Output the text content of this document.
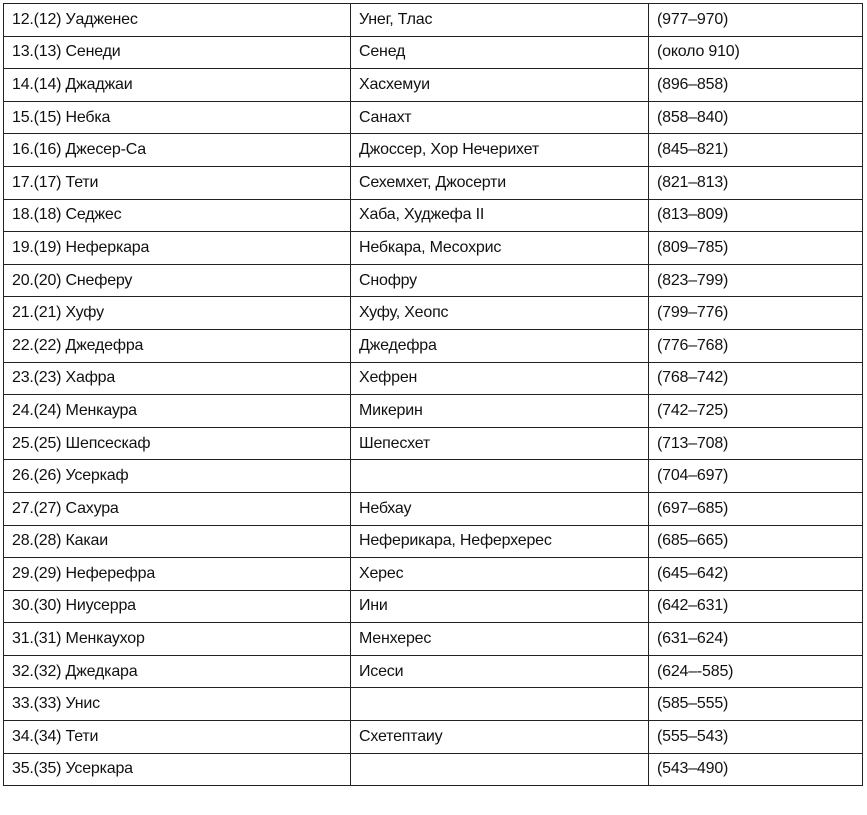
12.(12) Уадженес	Унег, Тлас	(977–970)
13.(13) Сенеди	Сенед	(около 910)
14.(14) Джаджаи	Хасхемуи	(896–858)
15.(15) Небка	Санахт	(858–840)
16.(16) Джесер-Са	Джоссер, Хор Нечерихет	(845–821)
17.(17) Тети	Сехемхет, Джосерти	(821–813)
18.(18) Седжес	Хаба, Худжефа II	(813–809)
19.(19) Неферкара	Небкара, Месохрис	(809–785)
20.(20) Снеферу	Снофру	(823–799)
21.(21) Хуфу	Хуфу, Хеопс	(799–776)
22.(22) Джедефра	Джедефра	(776–768)
23.(23) Хафра	Хефрен	(768–742)
24.(24) Менкаура	Микерин	(742–725)
25.(25) Шепсескаф	Шепесхет	(713–708)
26.(26) Усеркаф		(704–697)
27.(27) Сахура	Небхау	(697–685)
28.(28) Какаи	Неферикара, Неферхерес	(685–665)
29.(29) Неферефра	Херес	(645–642)
30.(30) Ниусерра	Ини	(642–631)
31.(31) Менкаухор	Менхерес	(631–624)
32.(32) Джедкара	Исеси	(624–-585)
33.(33) Унис		(585–555)
34.(34) Тети	Схетептаиу	(555–543)
35.(35) Усеркара		(543–490)
